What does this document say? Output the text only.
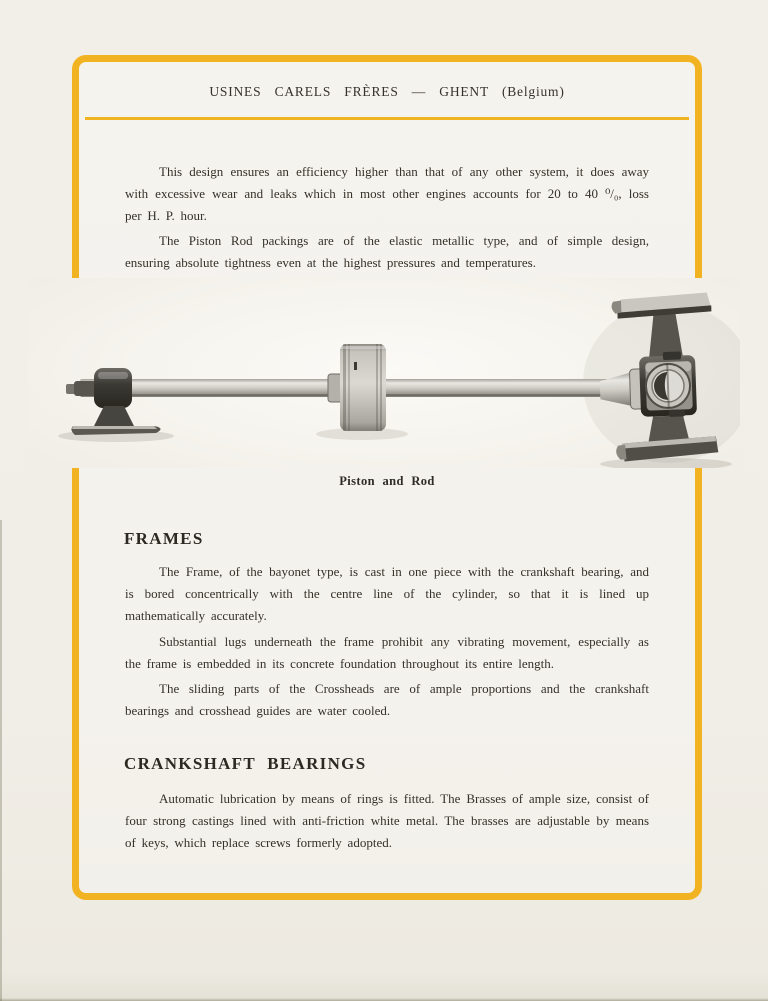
USINES CARELS FRÈRES — GHENT (Belgium)

This design ensures an efficiency higher than that of any other system, it does away with excessive wear and leaks which in most other engines accounts for 20 to 40 ⁰/₀, loss per H. P. hour.

The Piston Rod packings are of the elastic metallic type, and of simple design, ensuring absolute tightness even at the highest pressures and temperatures.

Piston and Rod
FRAMES

The Frame, of the bayonet type, is cast in one piece with the crankshaft bearing, and is bored concentrically with the centre line of the cylinder, so that it is lined up mathematically accurately.

Substantial lugs underneath the frame prohibit any vibrating movement, especially as the frame is embedded in its concrete foundation throughout its entire length.

The sliding parts of the Crossheads are of ample proportions and the crankshaft bearings and crosshead guides are water cooled.

CRANKSHAFT BEARINGS

Automatic lubrication by means of rings is fitted. The Brasses of ample size, consist of four strong castings lined with anti-friction white metal. The brasses are adjustable by means of keys, which replace screws formerly adopted.
